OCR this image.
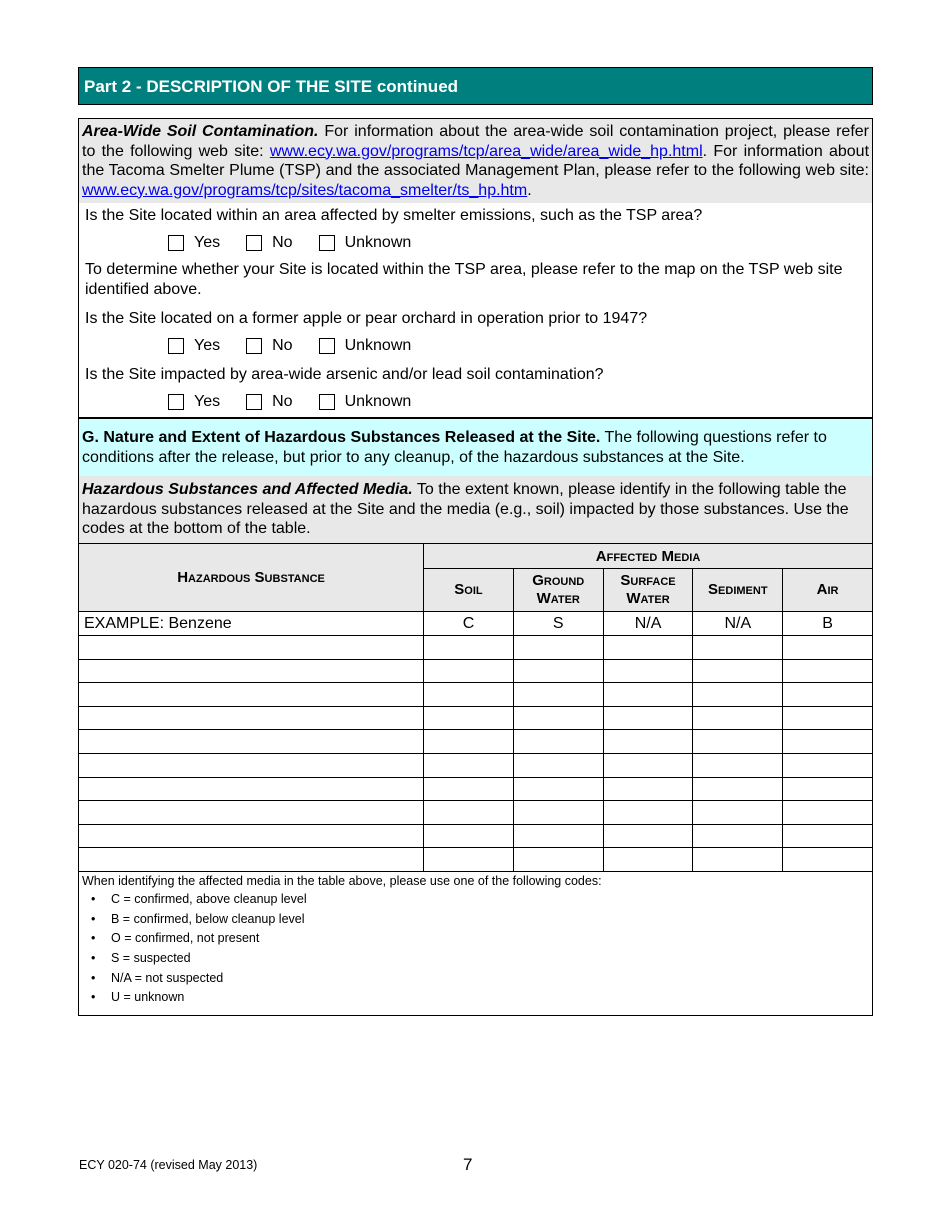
Part 2 - DESCRIPTION OF THE SITE continued
Area-Wide Soil Contamination. For information about the area-wide soil contamination project, please refer to the following web site: www.ecy.wa.gov/programs/tcp/area_wide/area_wide_hp.html. For information about the Tacoma Smelter Plume (TSP) and the associated Management Plan, please refer to the following web site: www.ecy.wa.gov/programs/tcp/sites/tacoma_smelter/ts_hp.htm.
Is the Site located within an area affected by smelter emissions, such as the TSP area?
Yes	No	Unknown
To determine whether your Site is located within the TSP area, please refer to the map on the TSP web site identified above.
Is the Site located on a former apple or pear orchard in operation prior to 1947?
Yes	No	Unknown
Is the Site impacted by area-wide arsenic and/or lead soil contamination?
Yes	No	Unknown
G. Nature and Extent of Hazardous Substances Released at the Site. The following questions refer to conditions after the release, but prior to any cleanup, of the hazardous substances at the Site.
Hazardous Substances and Affected Media. To the extent known, please identify in the following table the hazardous substances released at the Site and the media (e.g., soil) impacted by those substances. Use the codes at the bottom of the table.
Hazardous Substance	Affected Media				
	Soil	Ground Water	Surface Water	Sediment	Air
EXAMPLE: Benzene	C	S	N/A	N/A	B

When identifying the affected media in the table above, please use one of the following codes:
• C = confirmed, above cleanup level
• B = confirmed, below cleanup level
• O = confirmed, not present
• S = suspected
• N/A = not suspected
• U = unknown
ECY 020-74 (revised May 2013)	7
